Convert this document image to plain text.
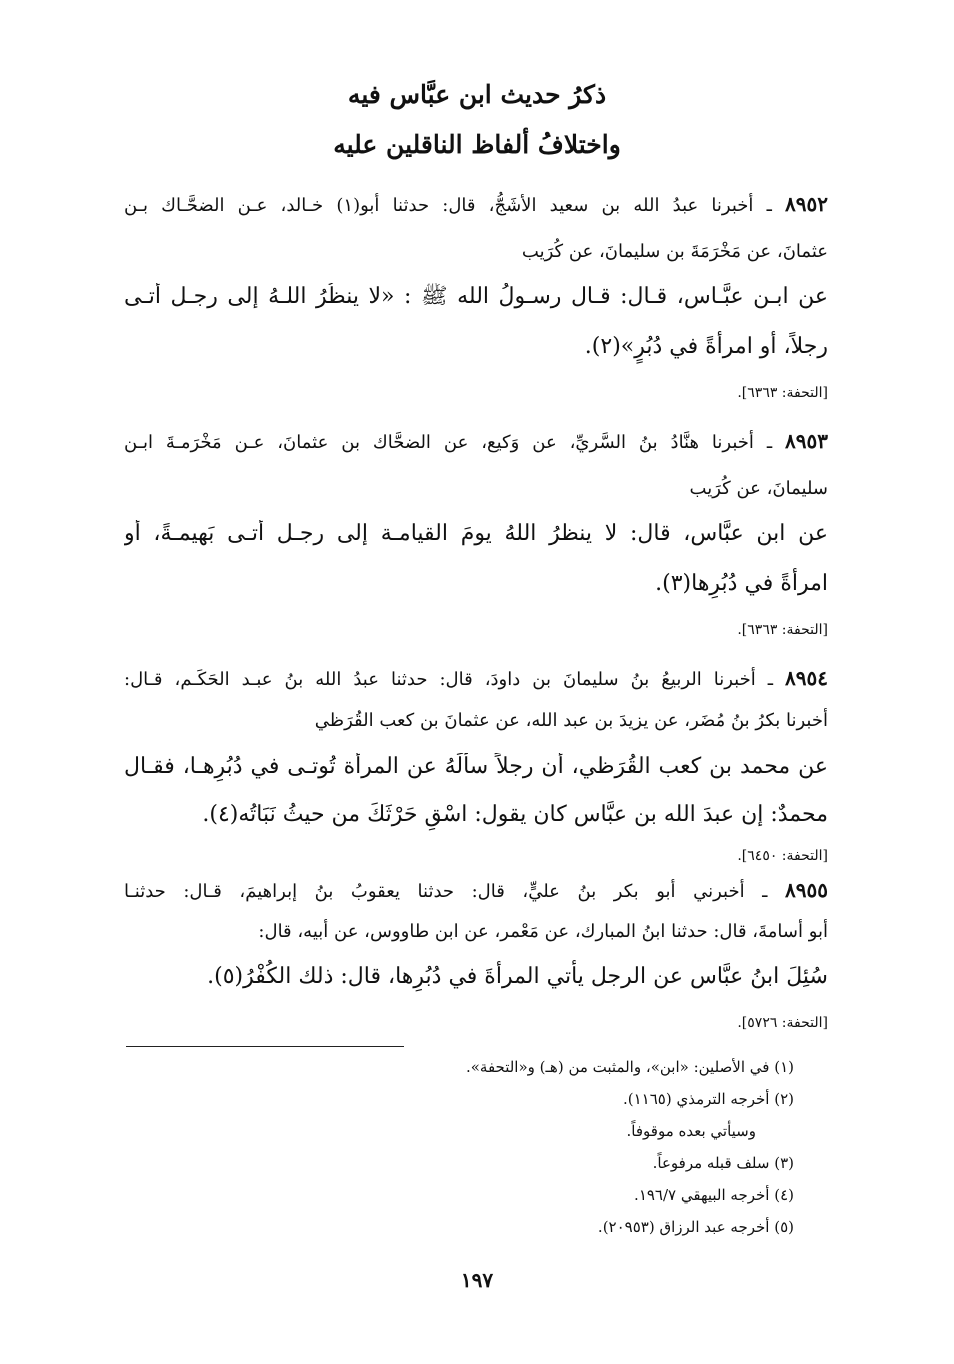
ذكرُ حديث ابن عبَّاس فيه
واختلافُ ألفاظ الناقلين عليه
٨٩٥٢ ـ أخبرنا عبدُ الله بن سعيد الأشَجُّ، قال: حدثنا أبو(١) خـالد، عـن الضحَّـاك بـن
عثمانَ، عن مَخْرَمَةَ بن سليمانَ، عن كُرَيب
عن ابـن عبَّـاس، قـال: قـال رسـولُ الله ﷺ : «لا ينظُرُ اللـهُ إلى رجـل أتـى
رجلاً، أو امرأةً في دُبُرٍ»(٢).
[التحفة: ٦٣٦٣].
٨٩٥٣ ـ أخبرنا هنَّادُ بنُ السَّرِيِّ، عن وَكيع، عن الضحَّاك بن عثمانَ، عـن مَخْرَمـةَ ابـن
سليمانَ، عن كُرَيب
عن ابن عبَّاس، قال: لا ينظرُ اللهُ يومَ القيامـة إلى رجـل أتـى بَهيمـةً، أو
امرأةً في دُبُرِها(٣).
[التحفة: ٦٣٦٣].
٨٩٥٤ ـ أخبرنا الربيعُ بنُ سليمانَ بن داودَ، قال: حدثنا عبدُ الله بنُ عبـد الحَكَـم، قـال:
أخبرنا بكرُ بنُ مُضَر، عن يزيدَ بن عبد الله، عن عثمانَ بن كعب القُرَظي
عن محمد بن كعب القُرَظي، أن رجلاً سألَهُ عن المرأة تُوتـى في دُبُرِهـا، فقـال
محمدٌ: إن عبدَ الله بن عبَّاس كان يقول: اسْقِ حَرْثَكَ من حيثُ نَبَاتُه(٤).
[التحفة: ٦٤٥٠].
٨٩٥٥ ـ أخبرني أبو بكر بنُ عليٍّ، قال: حدثنا يعقوبُ بنُ إبراهيمَ، قـال: حدثنـا
أبو أسامةَ، قال: حدثنا ابنُ المبارك، عن مَعْمر، عن ابن طاووس، عن أبيه، قال:
سُئِلَ ابنُ عبَّاس عن الرجل يأتي المرأةَ في دُبُرِها، قال: ذلك الكُفْرُ(٥).
[التحفة: ٥٧٢٦].
(١) في الأصلين: «ابن»، والمثبت من (هـ) و«التحفة».
(٢) أخرجه الترمذي (١١٦٥).
وسيأتي بعده موقوفاً.
(٣) سلف قبله مرفوعاً.
(٤) أخرجه البيهقي ١٩٦/٧.
(٥) أخرجه عبد الرزاق (٢٠٩٥٣).
١٩٧
